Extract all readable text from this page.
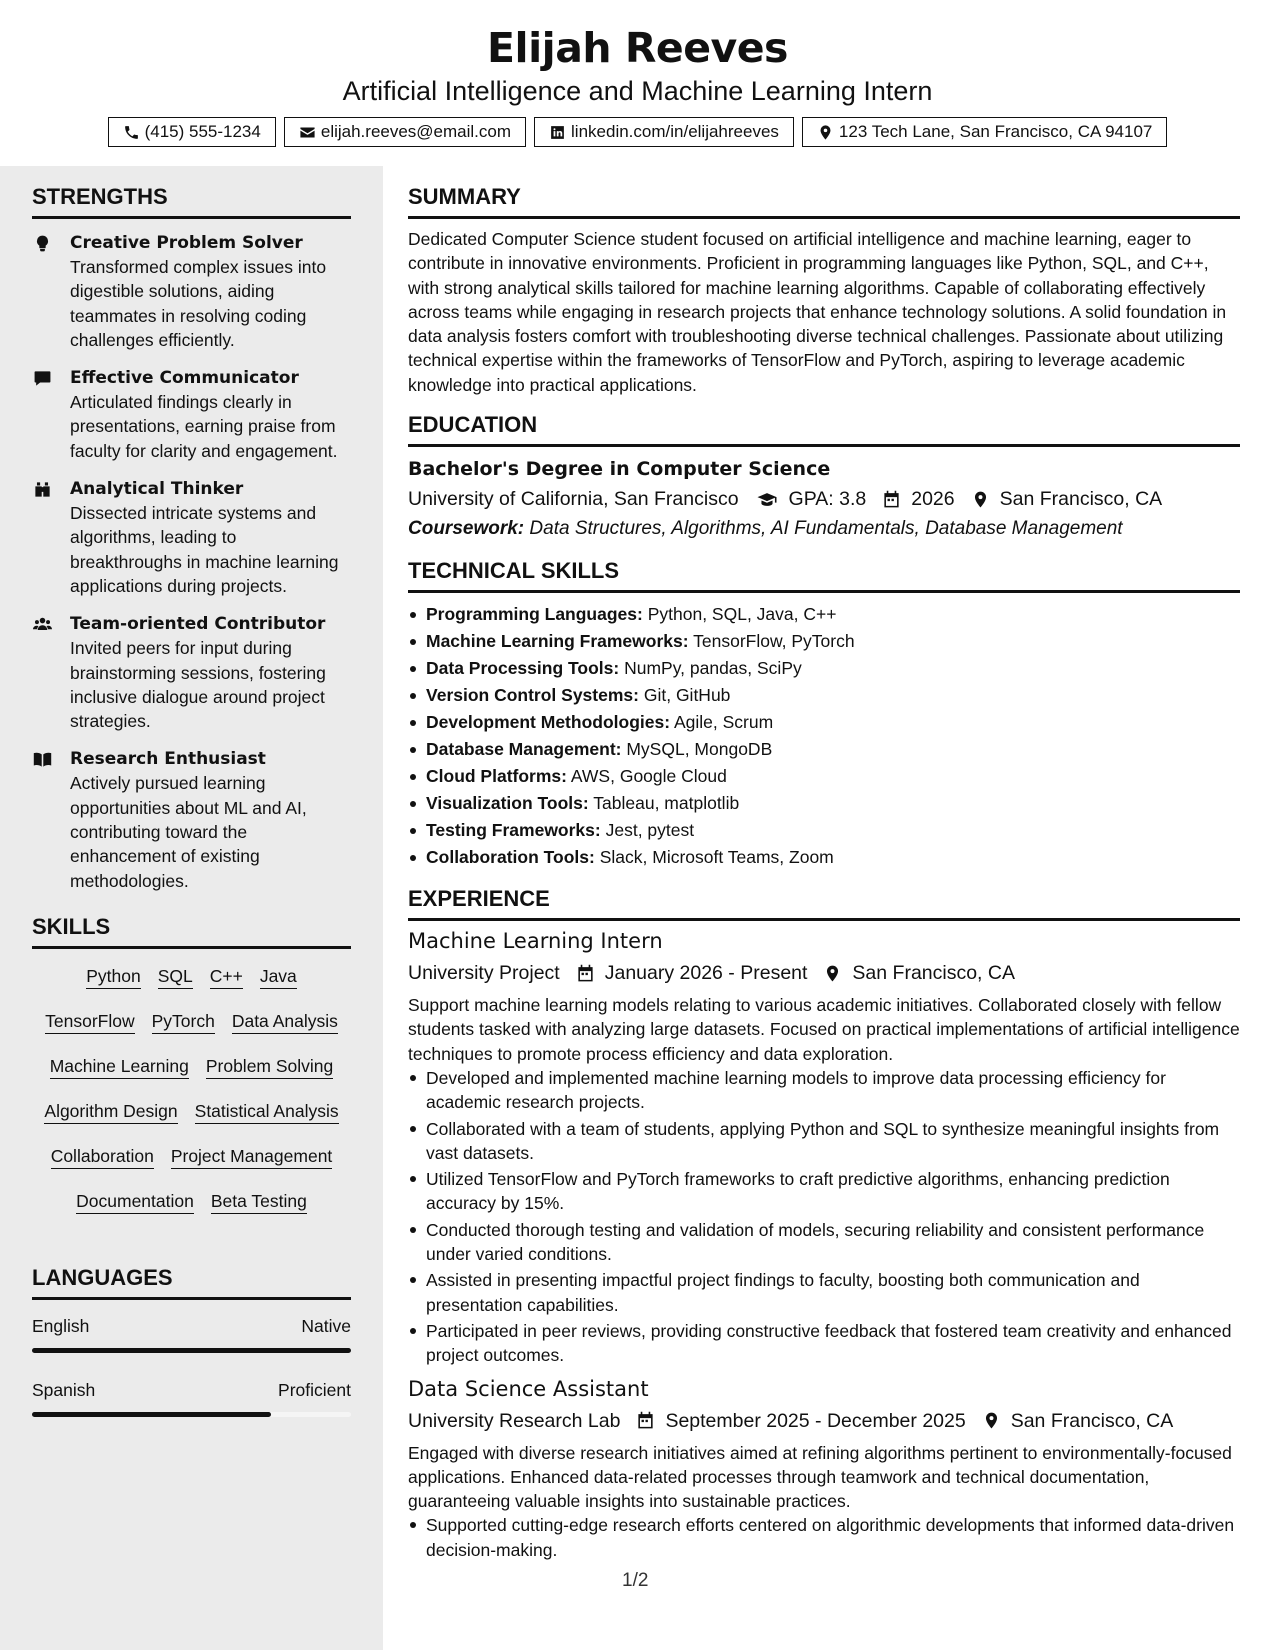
Elijah Reeves
Artificial Intelligence and Machine Learning Intern
(415) 555-1234	elijah.reeves@email.com	linkedin.com/in/elijahreeves	123 Tech Lane, San Francisco, CA 94107
STRENGTHS
Creative Problem Solver
Transformed complex issues into digestible solutions, aiding teammates in resolving coding challenges efficiently.
Effective Communicator
Articulated findings clearly in presentations, earning praise from faculty for clarity and engagement.
Analytical Thinker
Dissected intricate systems and algorithms, leading to breakthroughs in machine learning applications during projects.
Team-oriented Contributor
Invited peers for input during brainstorming sessions, fostering inclusive dialogue around project strategies.
Research Enthusiast
Actively pursued learning opportunities about ML and AI, contributing toward the enhancement of existing methodologies.
SKILLS
Python SQL C++ Java
TensorFlow PyTorch Data Analysis
Machine Learning Problem Solving
Algorithm Design Statistical Analysis
Collaboration Project Management
Documentation Beta Testing
LANGUAGES
English	Native
Spanish	Proficient
SUMMARY
Dedicated Computer Science student focused on artificial intelligence and machine learning, eager to contribute in innovative environments. Proficient in programming languages like Python, SQL, and C++, with strong analytical skills tailored for machine learning algorithms. Capable of collaborating effectively across teams while engaging in research projects that enhance technology solutions. A solid foundation in data analysis fosters comfort with troubleshooting diverse technical challenges. Passionate about utilizing technical expertise within the frameworks of TensorFlow and PyTorch, aspiring to leverage academic knowledge into practical applications.
EDUCATION
Bachelor's Degree in Computer Science
University of California, San Francisco	GPA: 3.8 2026 San Francisco, CA
Coursework: Data Structures, Algorithms, AI Fundamentals, Database Management
TECHNICAL SKILLS
Programming Languages: Python, SQL, Java, C++
Machine Learning Frameworks: TensorFlow, PyTorch
Data Processing Tools: NumPy, pandas, SciPy
Version Control Systems: Git, GitHub
Development Methodologies: Agile, Scrum
Database Management: MySQL, MongoDB
Cloud Platforms: AWS, Google Cloud
Visualization Tools: Tableau, matplotlib
Testing Frameworks: Jest, pytest
Collaboration Tools: Slack, Microsoft Teams, Zoom
EXPERIENCE
Machine Learning Intern
University Project January 2026 - Present San Francisco, CA
Support machine learning models relating to various academic initiatives. Collaborated closely with fellow students tasked with analyzing large datasets. Focused on practical implementations of artificial intelligence techniques to promote process efficiency and data exploration.
Developed and implemented machine learning models to improve data processing efficiency for academic research projects.
Collaborated with a team of students, applying Python and SQL to synthesize meaningful insights from vast datasets.
Utilized TensorFlow and PyTorch frameworks to craft predictive algorithms, enhancing prediction accuracy by 15%.
Conducted thorough testing and validation of models, securing reliability and consistent performance under varied conditions.
Assisted in presenting impactful project findings to faculty, boosting both communication and presentation capabilities.
Participated in peer reviews, providing constructive feedback that fostered team creativity and enhanced project outcomes.
Data Science Assistant
University Research Lab September 2025 - December 2025 San Francisco, CA
Engaged with diverse research initiatives aimed at refining algorithms pertinent to environmentally-focused applications. Enhanced data-related processes through teamwork and technical documentation, guaranteeing valuable insights into sustainable practices.
Supported cutting-edge research efforts centered on algorithmic developments that informed data-driven decision-making.
1/2
